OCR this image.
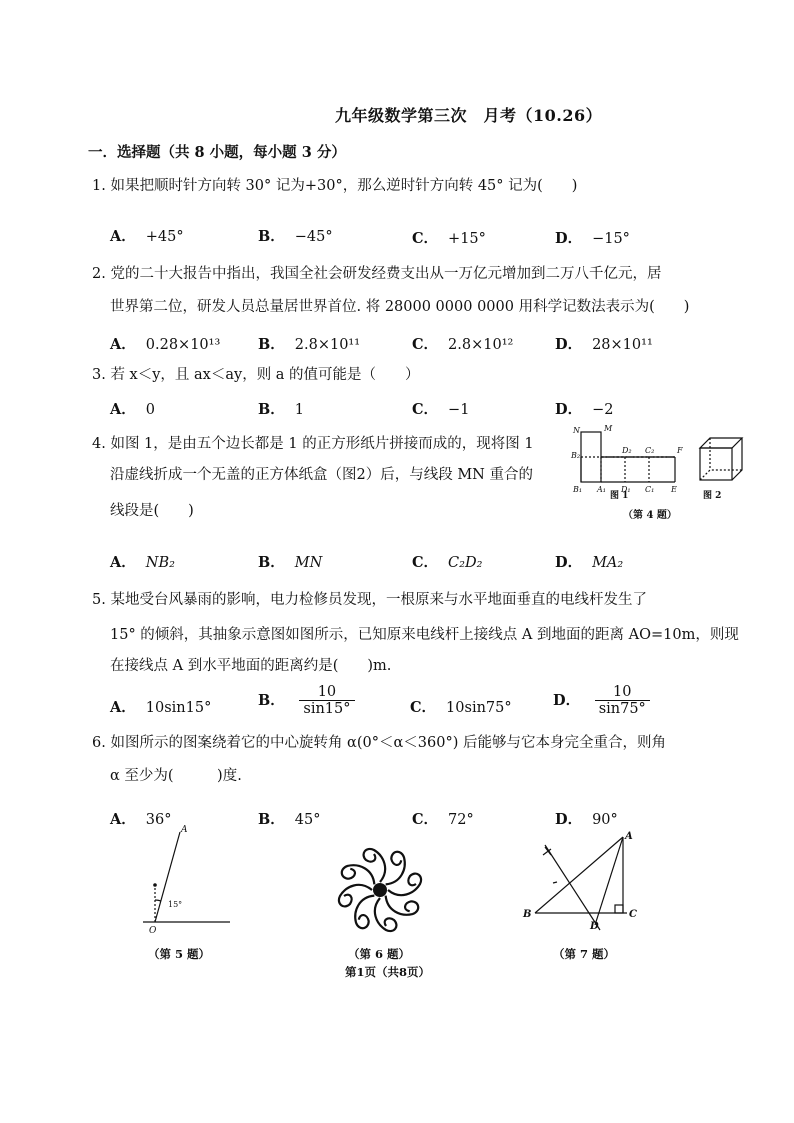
九年级数学第三次　月考（10.26）
一．选择题（共 8 小题，每小题 3 分）
1. 如果把顺时针方向转 30° 记为+30°，那么逆时针方向转 45° 记为(　　)
A． +45°	B． −45°	C． +15°	D． −15°
2. 党的二十大报告中指出，我国全社会研发经费支出从一万亿元增加到二万八千亿元，居
世界第二位，研发人员总量居世界首位. 将 28000 0000 0000 用科学记数法表示为(　　)
A． 0.28×10¹³	B． 2.8×10¹¹	C． 2.8×10¹²	D． 28×10¹¹
3. 若 x＜y，且 ax＜ay，则 a 的值可能是（　　）
A． 0	B． 1	C． −1	D． −2
4. 如图 1，是由五个边长都是 1 的正方形纸片拼接而成的，现将图 1
沿虚线折成一个无盖的正方体纸盒（图2）后，与线段 MN 重合的
线段是(　　)
N	M
B₂
D₂ C₂	F
B₁ A₁ D₁ C₁ E
图 1	图 2
（第 4 题）
A． NB₂	B． MN	C． C₂D₂	D． MA₂
5. 某地受台风暴雨的影响，电力检修员发现，一根原来与水平地面垂直的电线杆发生了
15° 的倾斜，其抽象示意图如图所示，已知原来电线杆上接线点 A 到地面的距离 AO=10m，则现
在接线点 A 到水平地面的距离约是(　　)m.
A． 10sin15°	B． $\frac{10}{\sin 15^\circ}$	C． 10sin75°	D． $\frac{10}{\sin 75^\circ}$
6. 如图所示的图案绕着它的中心旋转角 α(0°＜α＜360°) 后能够与它本身完全重合，则角
α 至少为(　　　)度.
A． 36°	B． 45°	C． 72°	D． 90°
A
O
15°
（第 5 题）	（第 6 题）
A
B	C
D
（第 7 题）
第1页（共8页）
